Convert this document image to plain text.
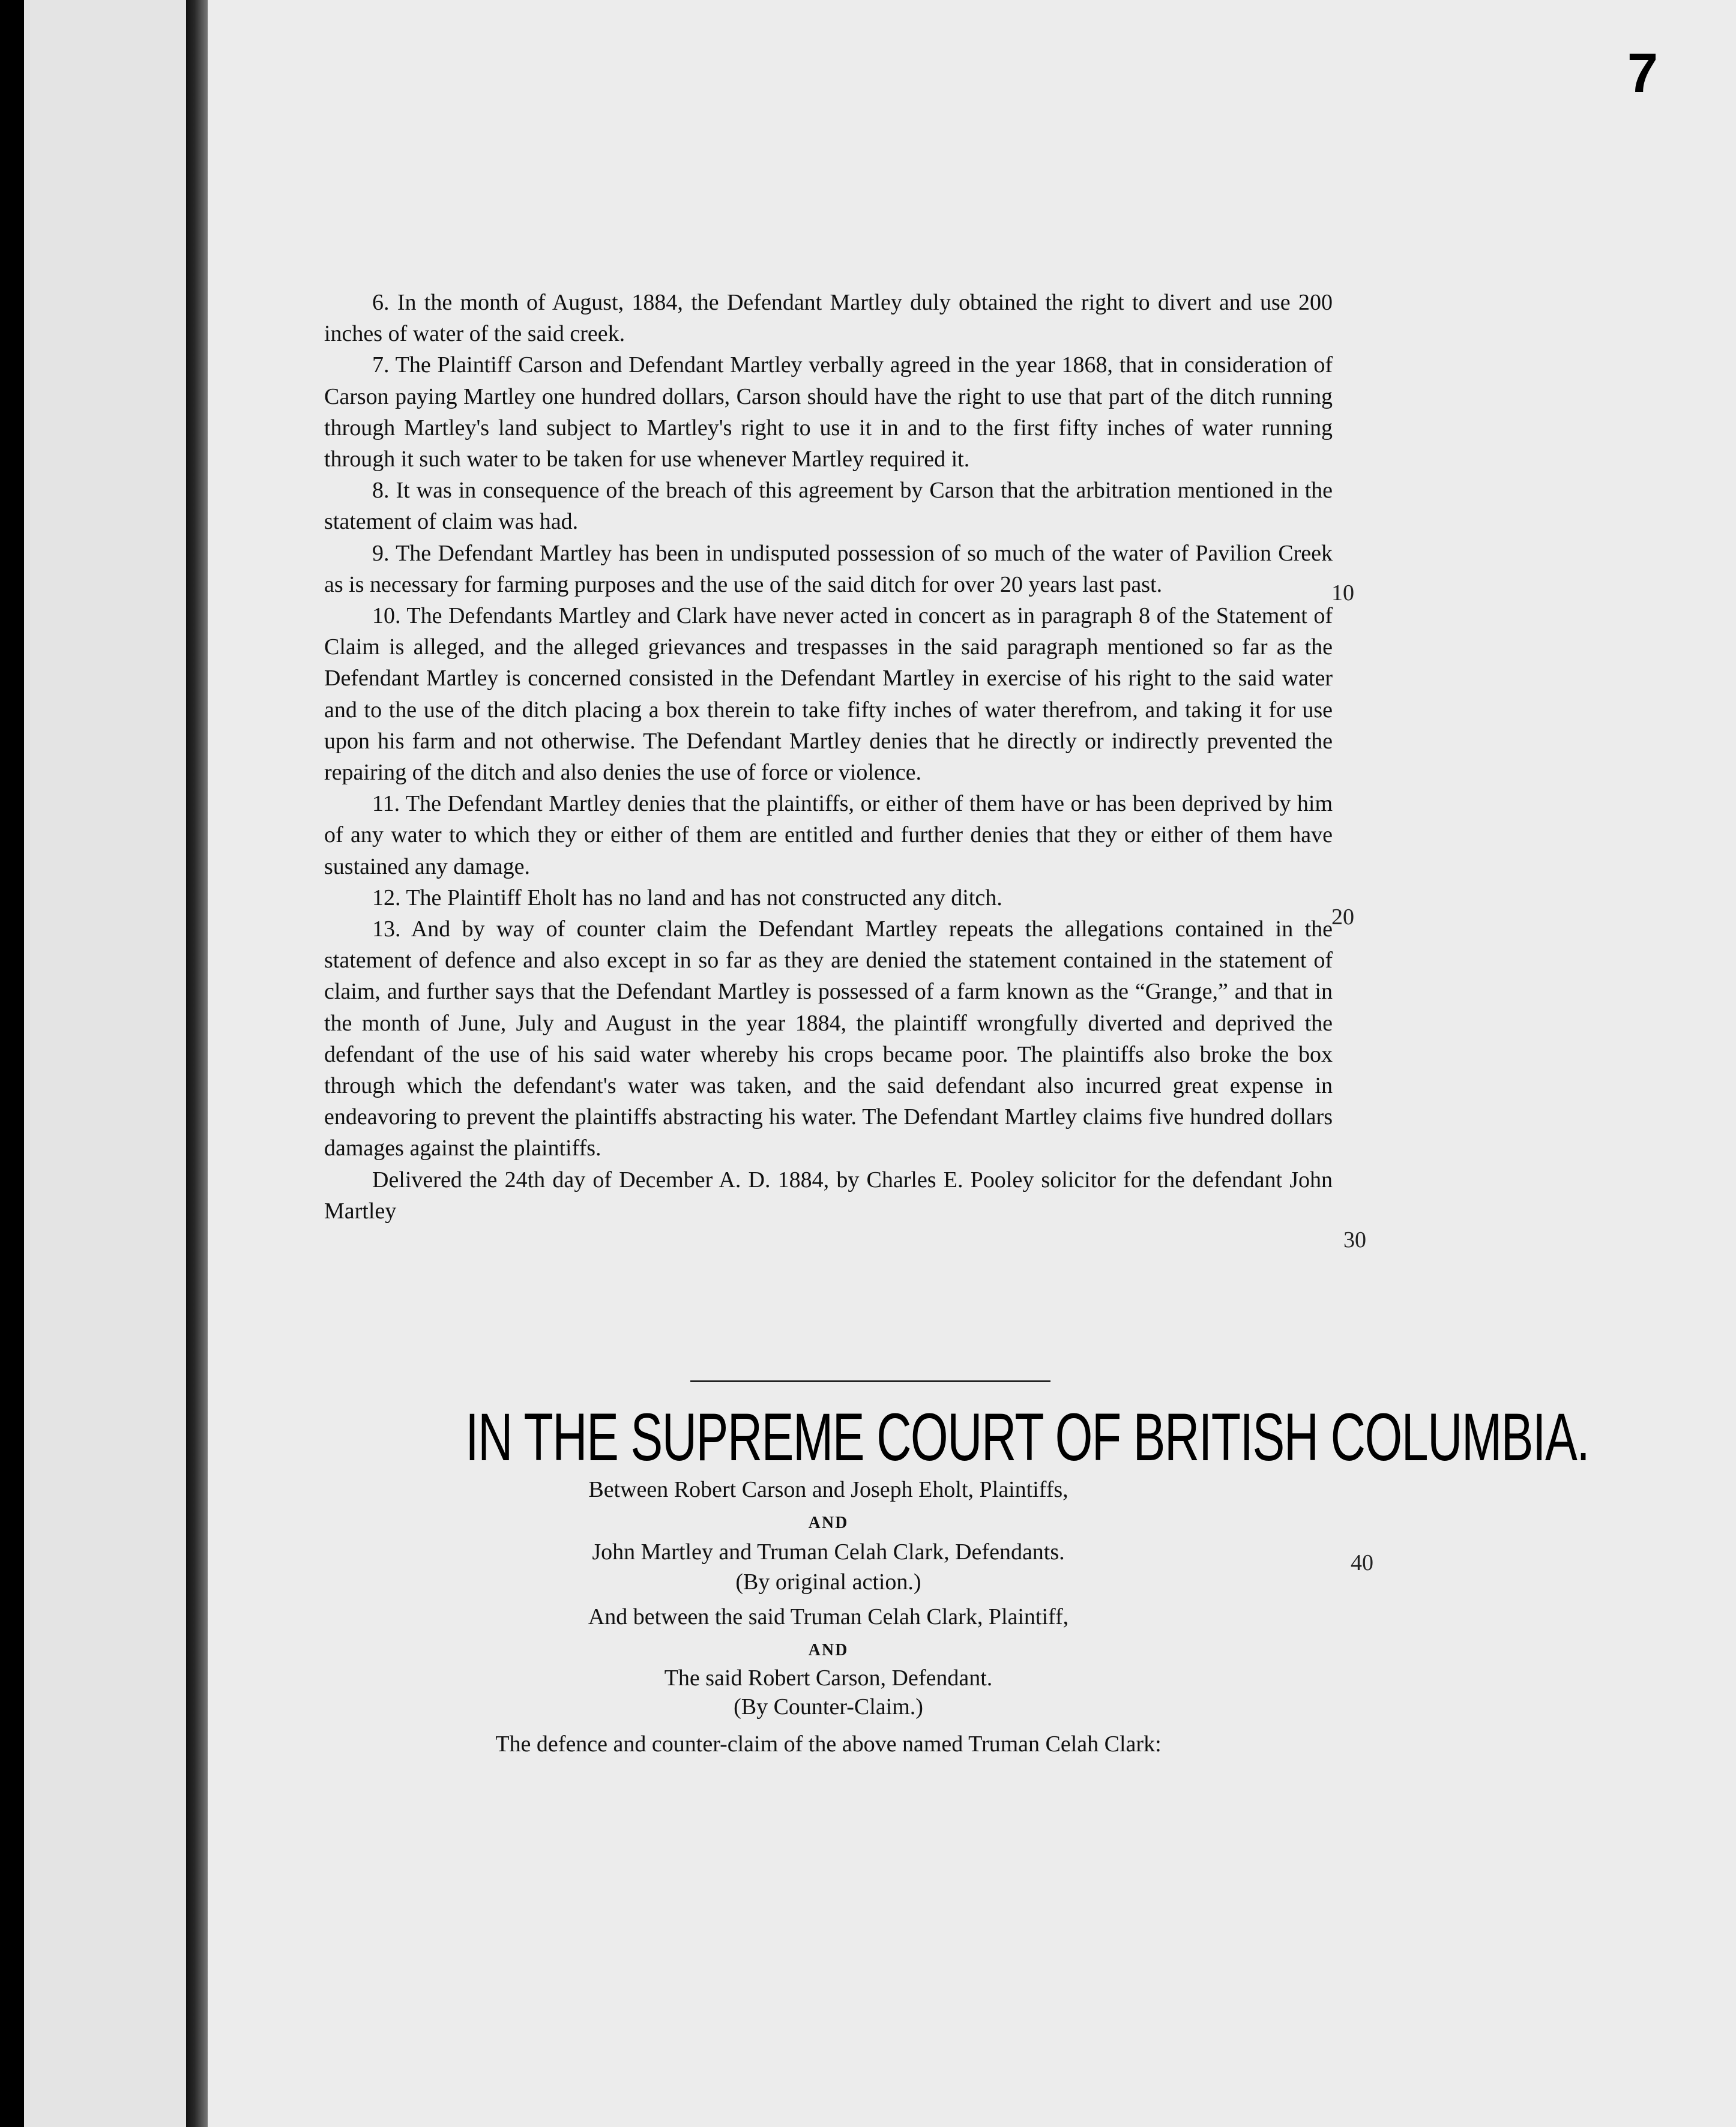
7

6. In the month of August, 1884, the Defendant Martley duly obtained the right to divert and use 200 inches of water of the said creek.

7. The Plaintiff Carson and Defendant Martley verbally agreed in the year 1868, that in consideration of Carson paying Martley one hundred dollars, Carson should have the right to use that part of the ditch running through Martley's land subject to Martley's right to use it in and to the first fifty inches of water running through it such water to be taken for use whenever Martley required it.

8. It was in consequence of the breach of this agreement by Carson that the arbitration mentioned in the statement of claim was had.

9. The Defendant Martley has been in undisputed possession of so much of the water of Pavilion Creek as is necessary for farming purposes and the use of the said ditch for over 20 years last past.

10. The Defendants Martley and Clark have never acted in concert as in paragraph 8 of the Statement of Claim is alleged, and the alleged grievances and trespasses in the said paragraph mentioned so far as the Defendant Martley is concerned consisted in the Defendant Martley in exercise of his right to the said water and to the use of the ditch placing a box therein to take fifty inches of water therefrom, and taking it for use upon his farm and not otherwise. The Defendant Martley denies that he directly or indirectly prevented the repairing of the ditch and also denies the use of force or violence.

11. The Defendant Martley denies that the plaintiffs, or either of them have or has been deprived by him of any water to which they or either of them are entitled and further denies that they or either of them have sustained any damage.

12. The Plaintiff Eholt has no land and has not constructed any ditch.

13. And by way of counter claim the Defendant Martley repeats the allegations contained in the statement of defence and also except in so far as they are denied the statement contained in the statement of claim, and further says that the Defendant Martley is possessed of a farm known as the “Grange,” and that in the month of June, July and August in the year 1884, the plaintiff wrongfully diverted and deprived the defendant of the use of his said water whereby his crops became poor. The plaintiffs also broke the box through which the defendant's water was taken, and the said defendant also incurred great expense in endeavoring to prevent the plaintiffs abstracting his water. The Defendant Martley claims five hundred dollars damages against the plaintiffs.

Delivered the 24th day of December A. D. 1884, by Charles E. Pooley solicitor for the defendant John Martley

10
20
30
40
IN THE SUPREME COURT OF BRITISH COLUMBIA.

Between Robert Carson and Joseph Eholt, Plaintiffs,

AND

John Martley and Truman Celah Clark, Defendants.

(By original action.)

And between the said Truman Celah Clark, Plaintiff,

AND

The said Robert Carson, Defendant.

(By Counter-Claim.)

The defence and counter-claim of the above named Truman Celah Clark:
